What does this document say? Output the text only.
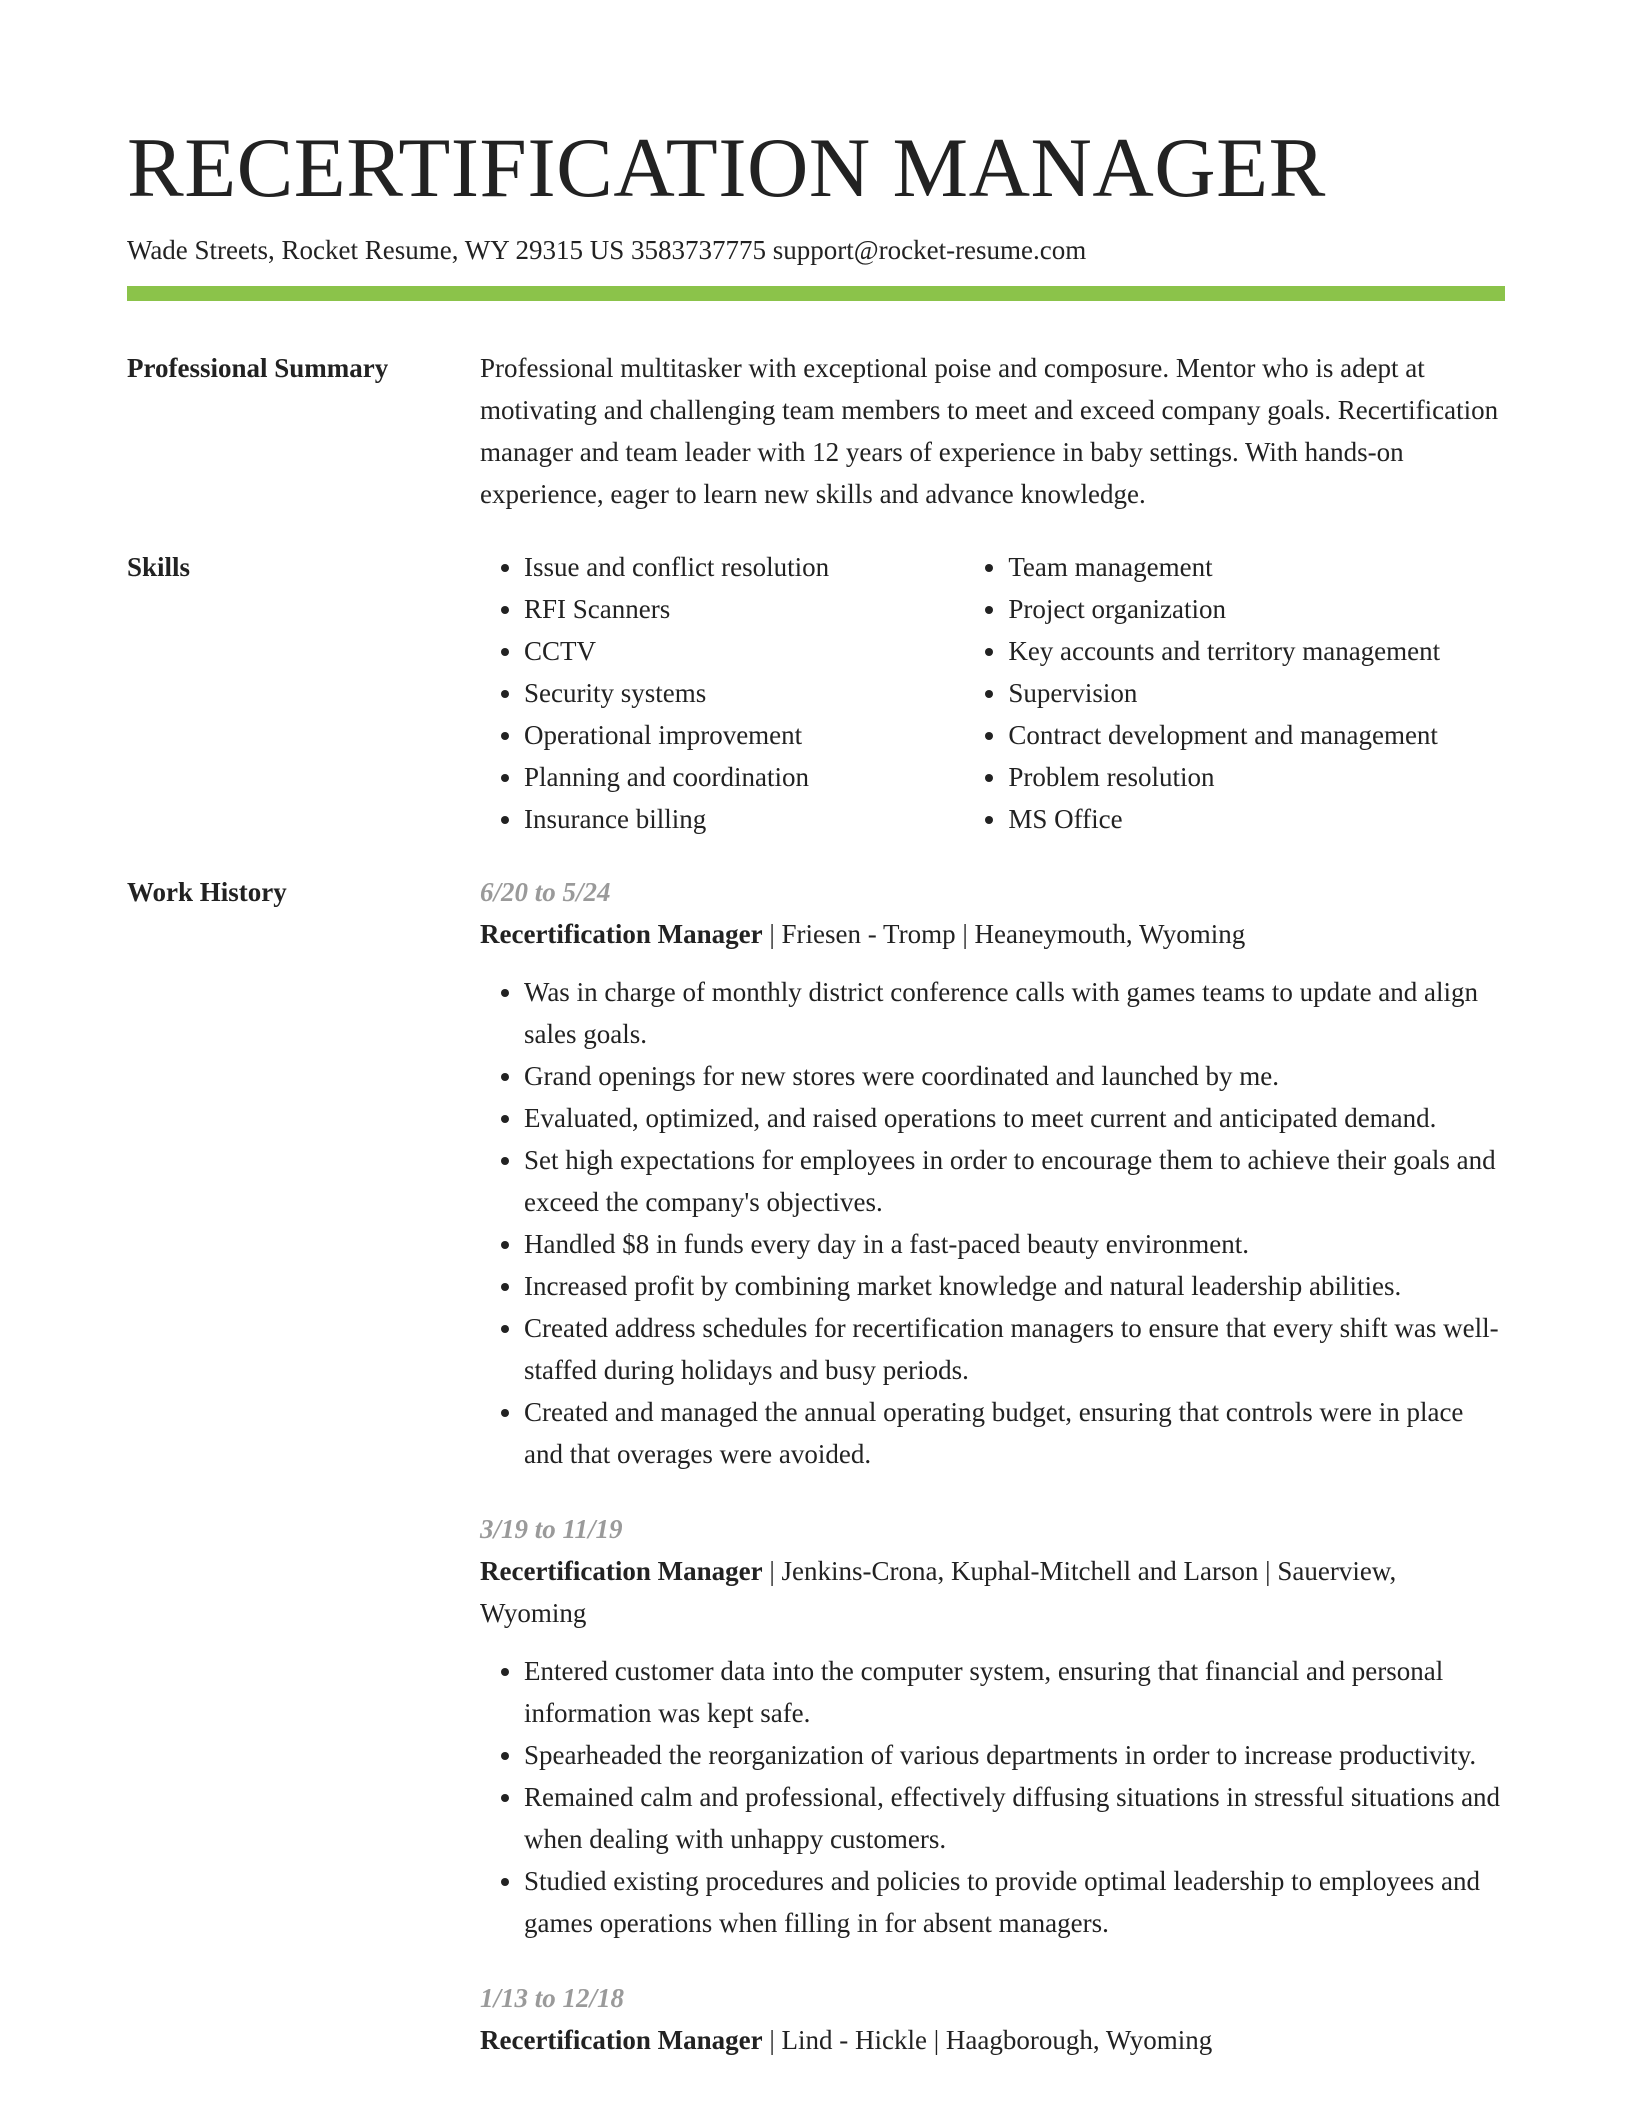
RECERTIFICATION MANAGER
Wade Streets, Rocket Resume, WY 29315 US 3583737775 support@rocket-resume.com
Professional Summary	Professional multitasker with exceptional poise and composure. Mentor who is adept at motivating and challenging team members to meet and exceed company goals. Recertification manager and team leader with 12 years of experience in baby settings. With hands-on experience, eager to learn new skills and advance knowledge.

Skills
•	Issue and conflict resolution
• RFI Scanners
• CCTV
• Security systems
• Operational improvement
• Planning and coordination
• Insurance billing
• Team management
• Project organization
• Key accounts and territory management
• Supervision
• Contract development and management
• Problem resolution
• MS Office
Work History	6/20 to 5/24
Recertification Manager | Friesen - Tromp | Heaneymouth, Wyoming
• Was in charge of monthly district conference calls with games teams to update and align sales goals.
• Grand openings for new stores were coordinated and launched by me.
• Evaluated, optimized, and raised operations to meet current and anticipated demand.
• Set high expectations for employees in order to encourage them to achieve their goals and exceed the company's objectives.
• Handled $8 in funds every day in a fast-paced beauty environment.
• Increased profit by combining market knowledge and natural leadership abilities.
• Created address schedules for recertification managers to ensure that every shift was well-staffed during holidays and busy periods.
• Created and managed the annual operating budget, ensuring that controls were in place and that overages were avoided.
3/19 to 11/19
Recertification Manager | Jenkins-Crona, Kuphal-Mitchell and Larson | Sauerview, Wyoming
• Entered customer data into the computer system, ensuring that financial and personal information was kept safe.
• Spearheaded the reorganization of various departments in order to increase productivity.
• Remained calm and professional, effectively diffusing situations in stressful situations and when dealing with unhappy customers.
• Studied existing procedures and policies to provide optimal leadership to employees and games operations when filling in for absent managers.
1/13 to 12/18
Recertification Manager | Lind - Hickle | Haagborough, Wyoming
